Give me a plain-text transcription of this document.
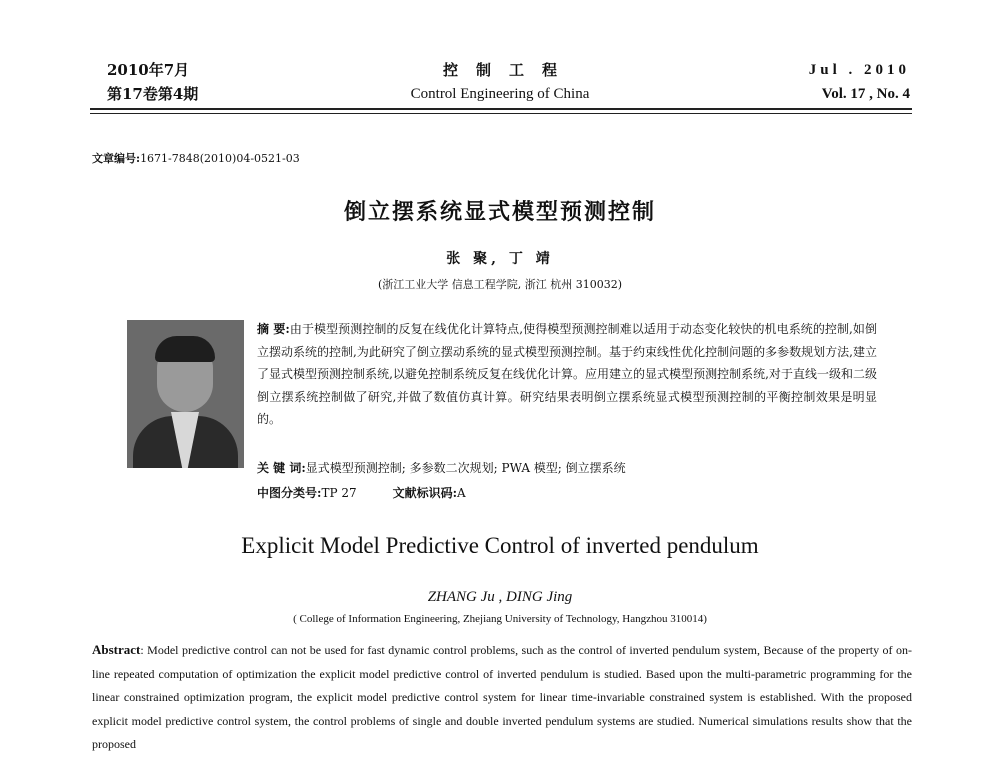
2010年7月
第17卷第4期
控制工程
Control Engineering of China
Jul . 2010
Vol. 17 , No. 4
文章编号:1671-7848(2010)04-0521-03
倒立摆系统显式模型预测控制
张 聚, 丁 靖
(浙江工业大学 信息工程学院, 浙江 杭州 310032)
摘 要:由于模型预测控制的反复在线优化计算特点,使得模型预测控制难以适用于动态变化较快的机电系统的控制,如倒立摆动系统的控制,为此研究了倒立摆动系统的显式模型预测控制。基于约束线性优化控制问题的多参数规划方法,建立了显式模型预测控制系统,以避免控制系统反复在线优化计算。应用建立的显式模型预测控制系统,对于直线一级和二级倒立摆系统控制做了研究,并做了数值仿真计算。研究结果表明倒立摆系统显式模型预测控制的平衡控制效果是明显的。
关 键 词:显式模型预测控制; 多参数二次规划; PWA 模型; 倒立摆系统
中图分类号:TP 27	文献标识码:A
Explicit Model Predictive Control of inverted pendulum
ZHANG Ju , DING Jing
( College of Information Engineering, Zhejiang University of Technology, Hangzhou 310014)
Abstract: Model predictive control can not be used for fast dynamic control problems, such as the control of inverted pendulum system, Because of the property of on-line repeated computation of optimization the explicit model predictive control of inverted pendulum is studied. Based upon the multi-parametric programming for the linear constrained optimization program, the explicit model predictive control system for linear time-invariable constrained system is established. With the proposed explicit model predictive control system, the control problems of single and double inverted pendulum systems are studied. Numerical simulations results show that the proposed
